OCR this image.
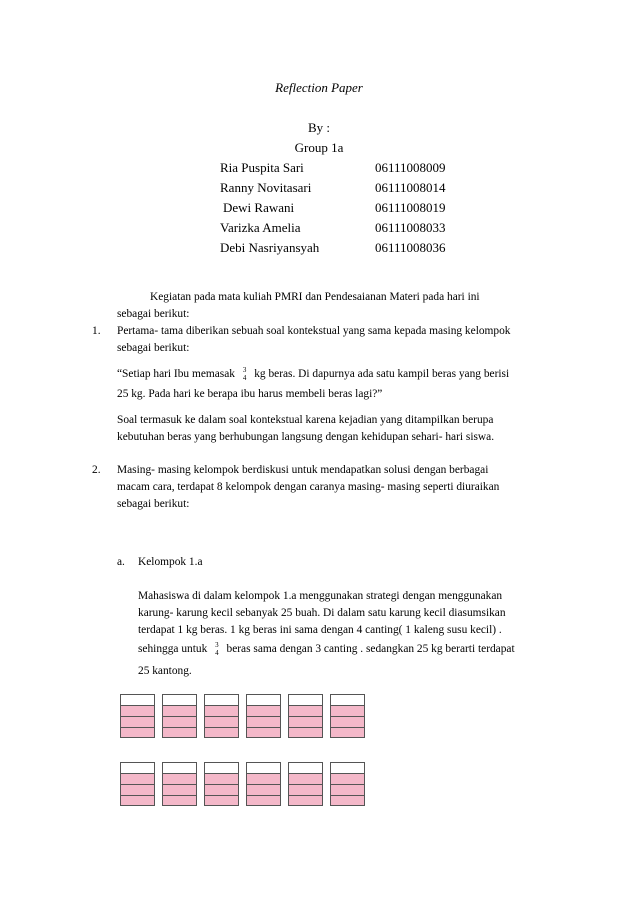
Reflection Paper
By :
Group 1a
Ria Puspita Sari	06111008009
Ranny Novitasari	06111008014
Dewi Rawani	06111008019
Varizka Amelia	06111008033
Debi Nasriyansyah	06111008036
Kegiatan pada mata kuliah PMRI dan Pendesaianan Materi pada hari ini
sebagai berikut:
1. Pertama- tama diberikan sebuah soal kontekstual yang sama kepada masing kelompok
sebagai berikut:
“Setiap hari Ibu memasak 3
4 kg beras. Di dapurnya ada satu kampil beras yang berisi
25 kg. Pada hari ke berapa ibu harus membeli beras lagi?”
Soal termasuk ke dalam soal kontekstual karena kejadian yang ditampilkan berupa
kebutuhan beras yang berhubungan langsung dengan kehidupan sehari- hari siswa.
2. Masing- masing kelompok berdiskusi untuk mendapatkan solusi dengan berbagai
macam cara, terdapat 8 kelompok dengan caranya masing- masing seperti diuraikan
sebagai berikut:
a. Kelompok 1.a
Mahasiswa di dalam kelompok 1.a menggunakan strategi dengan menggunakan
karung- karung kecil sebanyak 25 buah. Di dalam satu karung kecil diasumsikan
terdapat 1 kg beras. 1 kg beras ini sama dengan 4 canting( 1 kaleng susu kecil) .
sehingga untuk 3
4 beras sama dengan 3 canting . sedangkan 25 kg berarti terdapat
25 kantong.
